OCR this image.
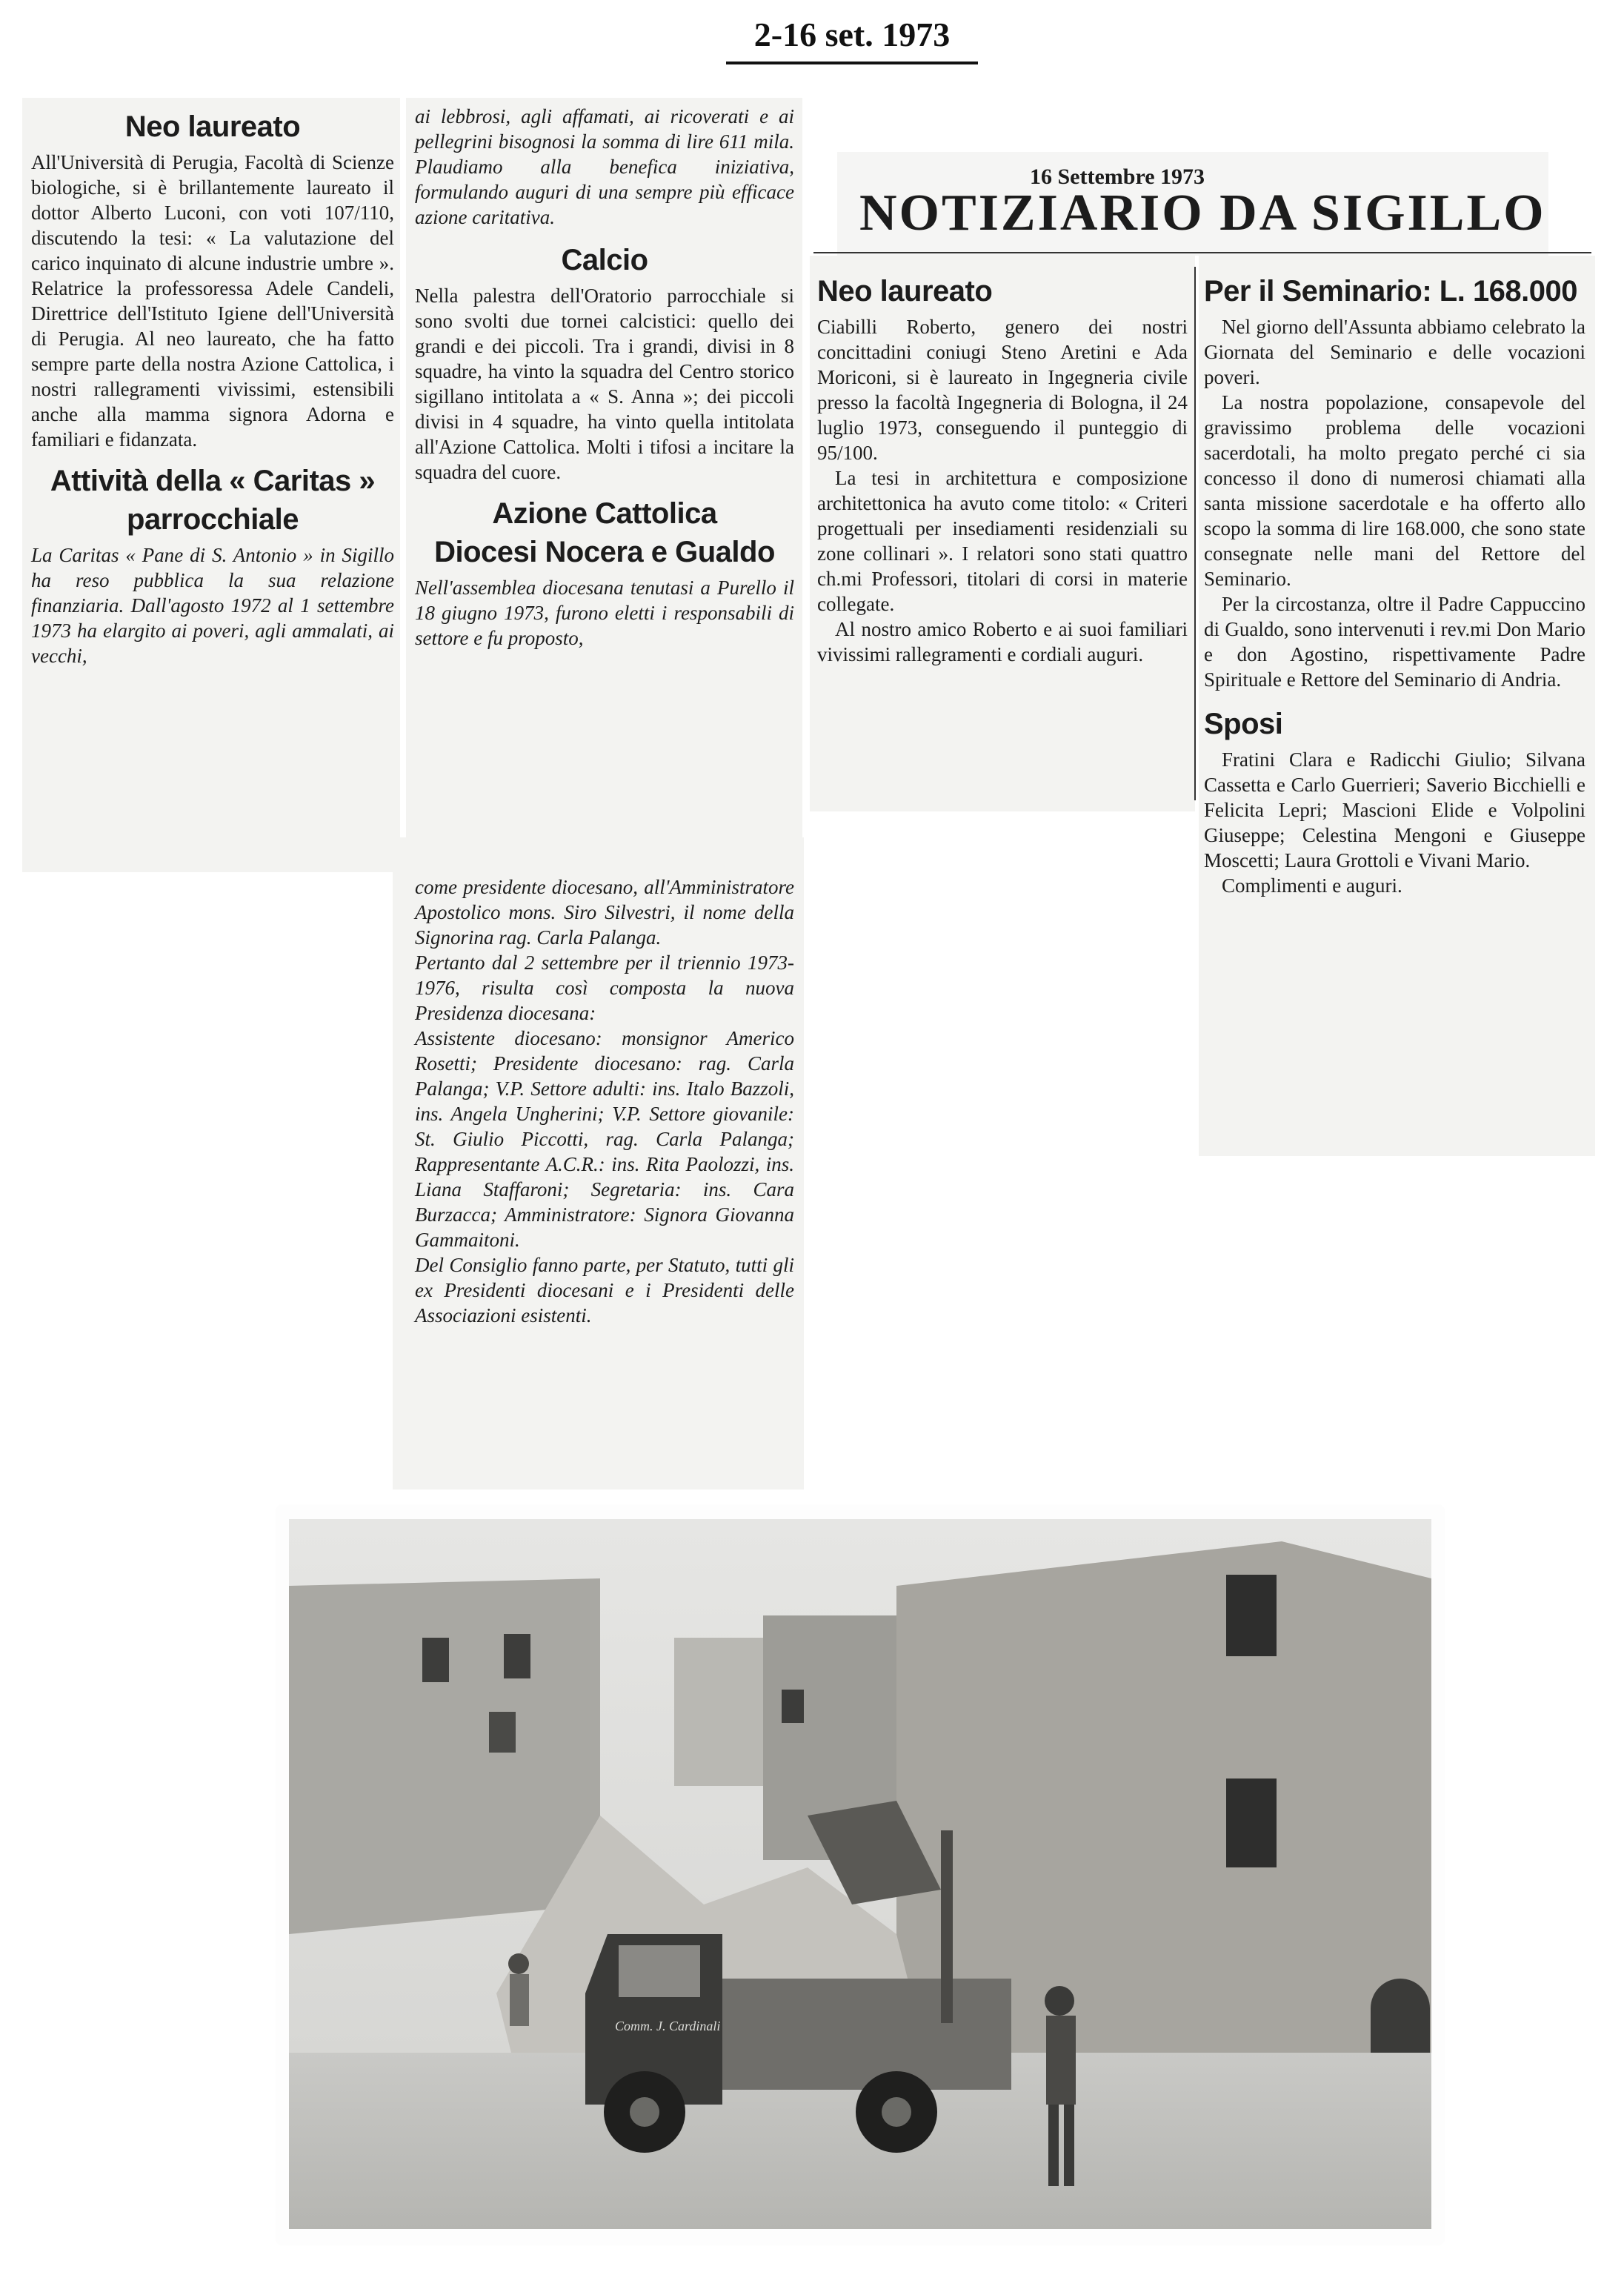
2-16 set. 1973
Neo laureato

All'Università di Perugia, Facoltà di Scienze biologiche, si è brillantemente laureato il dottor Alberto Luconi, con voti 107/110, discutendo la tesi: « La valutazione del carico inquinato di alcune industrie umbre ». Relatrice la professoressa Adele Candeli, Direttrice dell'Istituto Igiene dell'Università di Perugia. Al neo laureato, che ha fatto sempre parte della nostra Azione Cattolica, i nostri rallegramenti vivissimi, estensibili anche alla mamma signora Adorna e familiari e fidanzata.

Attività della « Caritas »
parrocchiale

La Caritas « Pane di S. Antonio » in Sigillo ha reso pubblica la sua relazione finanziaria. Dall'agosto 1972 al 1 settembre 1973 ha elargito ai poveri, agli ammalati, ai vecchi,

ai lebbrosi, agli affamati, ai ricoverati e ai pellegrini bisognosi la somma di lire 611 mila. Plaudiamo alla benefica iniziativa, formulando auguri di una sempre più efficace azione caritativa.

Calcio

Nella palestra dell'Oratorio parrocchiale si sono svolti due tornei calcistici: quello dei grandi e dei piccoli. Tra i grandi, divisi in 8 squadre, ha vinto la squadra del Centro storico sigillano intitolata a « S. Anna »; dei piccoli divisi in 4 squadre, ha vinto quella intitolata all'Azione Cattolica. Molti i tifosi a incitare la squadra del cuore.

Azione Cattolica
Diocesi Nocera e Gualdo

Nell'assemblea diocesana tenutasi a Purello il 18 giugno 1973, furono eletti i responsabili di settore e fu proposto,

come presidente diocesano, all'Amministratore Apostolico mons. Siro Silvestri, il nome della Signorina rag. Carla Palanga.

Pertanto dal 2 settembre per il triennio 1973-1976, risulta così composta la nuova Presidenza diocesana:

Assistente diocesano: monsignor Americo Rosetti; Presidente diocesano: rag. Carla Palanga; V.P. Settore adulti: ins. Italo Bazzoli, ins. Angela Ungherini; V.P. Settore giovanile: St. Giulio Piccotti, rag. Carla Palanga; Rappresentante A.C.R.: ins. Rita Paolozzi, ins. Liana Staffaroni; Segretaria: ins. Cara Burzacca; Amministratore: Signora Giovanna Gammaitoni.

Del Consiglio fanno parte, per Statuto, tutti gli ex Presidenti diocesani e i Presidenti delle Associazioni esistenti.

16 Settembre 1973
NOTIZIARIO DA SIGILLO
Neo laureato

Ciabilli Roberto, genero dei nostri concittadini coniugi Steno Aretini e Ada Moriconi, si è laureato in Ingegneria civile presso la facoltà Ingegneria di Bologna, il 24 luglio 1973, conseguendo il punteggio di 95/100.

La tesi in architettura e composizione architettonica ha avuto come titolo: « Criteri progettuali per insediamenti residenziali su zone collinari ». I relatori sono stati quattro ch.mi Professori, titolari di corsi in materie collegate.

Al nostro amico Roberto e ai suoi familiari vivissimi rallegramenti e cordiali auguri.

Per il Seminario: L. 168.000

Nel giorno dell'Assunta abbiamo celebrato la Giornata del Seminario e delle vocazioni poveri.

La nostra popolazione, consapevole del gravissimo problema delle vocazioni sacerdotali, ha molto pregato perché ci sia concesso il dono di numerosi chiamati alla santa missione sacerdotale e ha offerto allo scopo la somma di lire 168.000, che sono state consegnate nelle mani del Rettore del Seminario.

Per la circostanza, oltre il Padre Cappuccino di Gualdo, sono intervenuti i rev.mi Don Mario e don Agostino, rispettivamente Padre Spirituale e Rettore del Seminario di Andria.

Sposi

Fratini Clara e Radicchi Giulio; Silvana Cassetta e Carlo Guerrieri; Saverio Bicchielli e Felicita Lepri; Mascioni Elide e Volpolini Giuseppe; Celestina Mengoni e Giuseppe Moscetti; Laura Grottoli e Vivani Mario.

Complimenti e auguri.

Comm. J. Cardinali
